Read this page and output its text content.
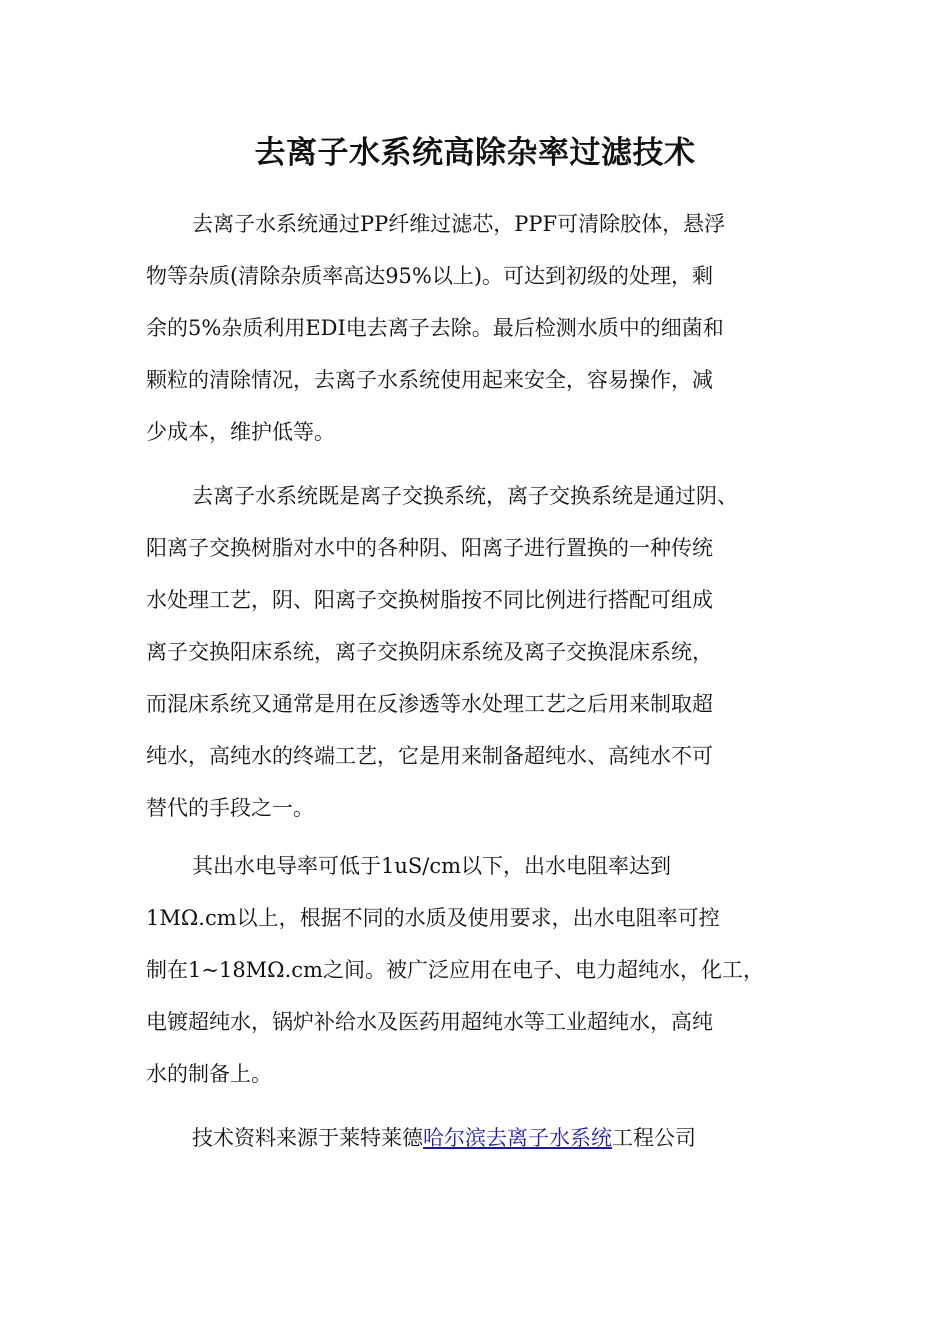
去离子水系统高除杂率过滤技术

去离子水系统通过PP纤维过滤芯，PPF可清除胶体，悬浮
物等杂质(清除杂质率高达95%以上)。可达到初级的处理，剩
余的5%杂质利用EDI电去离子去除。最后检测水质中的细菌和
颗粒的清除情况，去离子水系统使用起来安全，容易操作，减
少成本，维护低等。

去离子水系统既是离子交换系统，离子交换系统是通过阴、
阳离子交换树脂对水中的各种阴、阳离子进行置换的一种传统
水处理工艺，阴、阳离子交换树脂按不同比例进行搭配可组成
离子交换阳床系统，离子交换阴床系统及离子交换混床系统，
而混床系统又通常是用在反渗透等水处理工艺之后用来制取超
纯水，高纯水的终端工艺，它是用来制备超纯水、高纯水不可
替代的手段之一。

其出水电导率可低于1uS/cm以下，出水电阻率达到
1MΩ.cm以上，根据不同的水质及使用要求，出水电阻率可控
制在1~18MΩ.cm之间。被广泛应用在电子、电力超纯水，化工，
电镀超纯水，锅炉补给水及医药用超纯水等工业超纯水，高纯
水的制备上。

技术资料来源于莱特莱德哈尔滨去离子水系统工程公司
